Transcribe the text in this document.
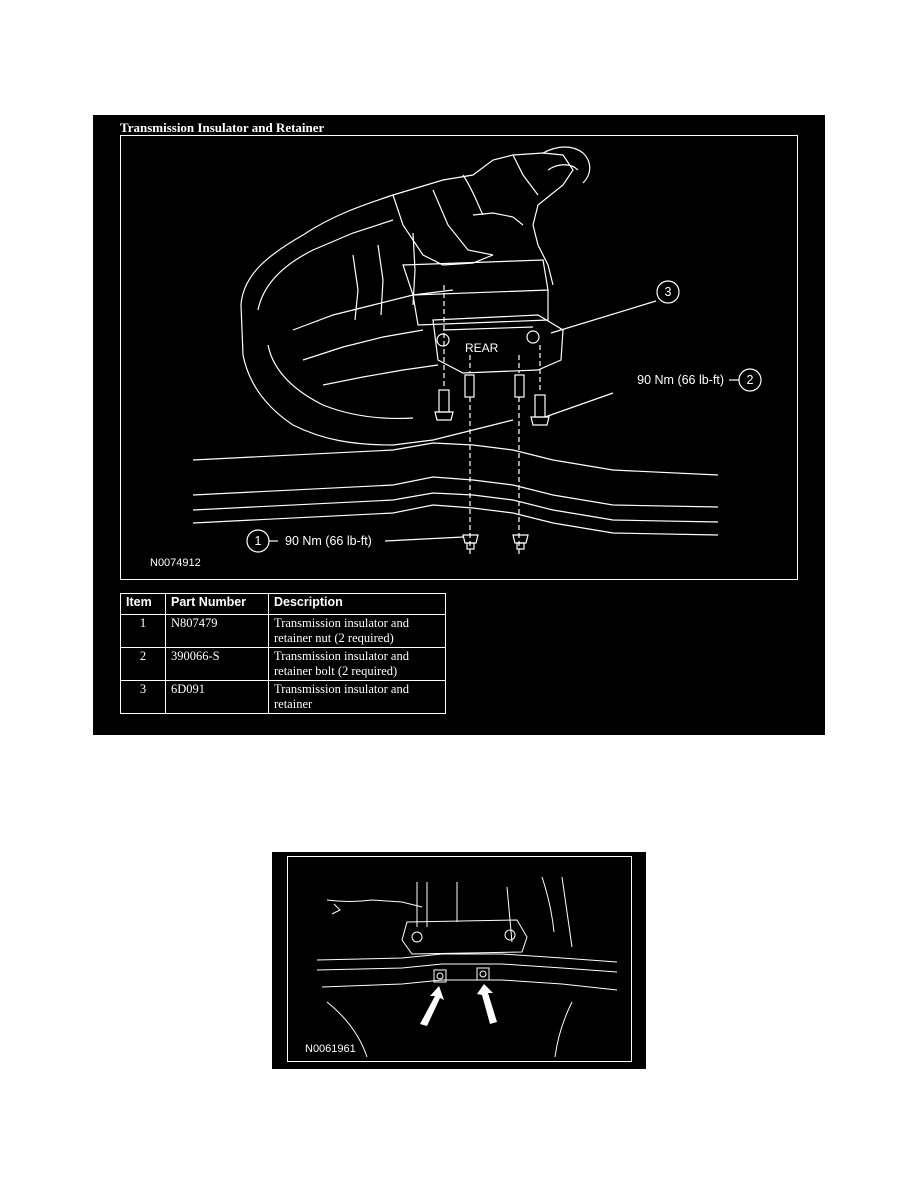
Transmission Insulator and Retainer
REAR
3
2
1
90 Nm (66 lb-ft)
90 Nm (66 lb-ft)
N0074912
Item	Part Number	Description
1	N807479	Transmission insulator and
retainer nut (2 required)

2	390066-S	Transmission insulator and
retainer bolt (2 required)

3	6D091	Transmission insulator and
retainer
N0061961
